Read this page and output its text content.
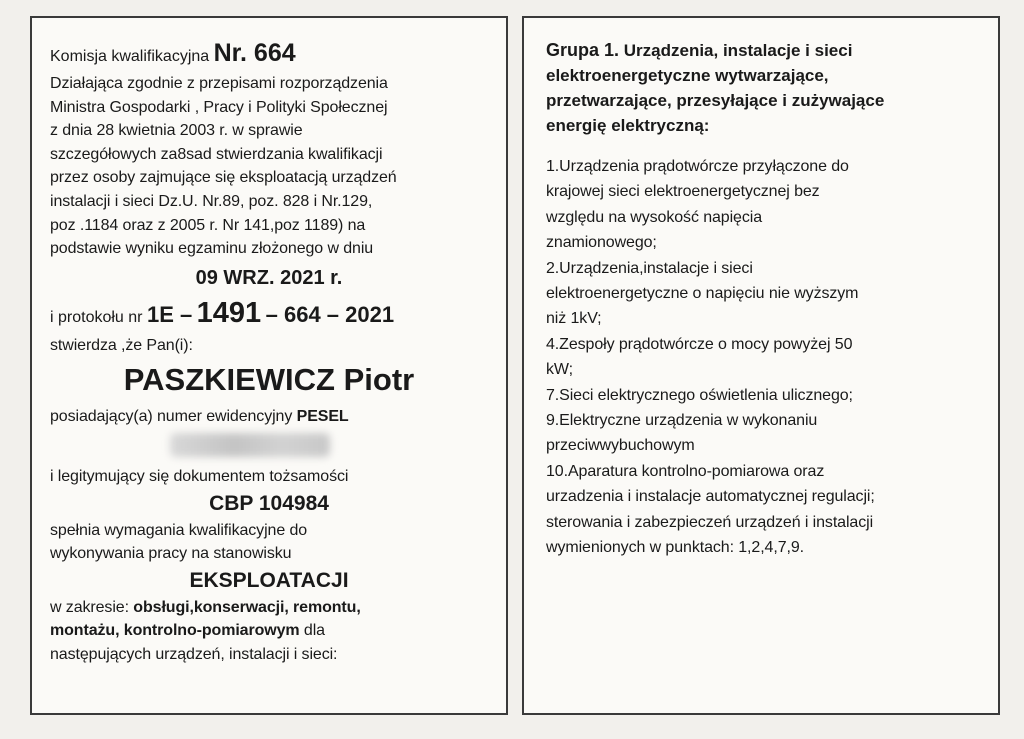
Komisja kwalifikacyjna Nr. 664
Działająca zgodnie z przepisami rozporządzenia
Ministra Gospodarki , Pracy i Polityki Społecznej
z dnia 28 kwietnia 2003 r. w sprawie
szczegółowych za8sad stwierdzania kwalifikacji
przez osoby zajmujące się eksploatacją urządzeń
instalacji i sieci Dz.U. Nr.89, poz. 828 i Nr.129,
poz .1184 oraz z 2005 r. Nr 141,poz 1189) na
podstawie wyniku egzaminu złożonego w dniu
09 WRZ. 2021 r.
i protokołu nr 1E – 1491 – 664 – 2021
stwierdza ,że Pan(i):
PASZKIEWICZ Piotr
posiadający(a) numer ewidencyjny PESEL
i legitymujący się dokumentem tożsamości
CBP 104984
spełnia wymagania kwalifikacyjne do
wykonywania pracy na stanowisku
EKSPLOATACJI
w zakresie: obsługi,konserwacji, remontu,
montażu, kontrolno-pomiarowym dla
następujących urządzeń, instalacji i sieci:
Grupa 1. Urządzenia, instalacje i sieci
elektroenergetyczne wytwarzające,
przetwarzające, przesyłające i zużywające
energię elektryczną:
1.Urządzenia prądotwórcze przyłączone do
krajowej sieci elektroenergetycznej bez
względu na wysokość napięcia
znamionowego;
2.Urządzenia,instalacje i sieci
elektroenergetyczne o napięciu nie wyższym
niż 1kV;
4.Zespoły prądotwórcze o mocy powyżej 50
kW;
7.Sieci elektrycznego oświetlenia ulicznego;
9.Elektryczne urządzenia w wykonaniu
przeciwwybuchowym
10.Aparatura kontrolno-pomiarowa oraz
urzadzenia i instalacje automatycznej regulacji;
sterowania i zabezpieczeń urządzeń i instalacji
wymienionych w punktach: 1,2,4,7,9.
